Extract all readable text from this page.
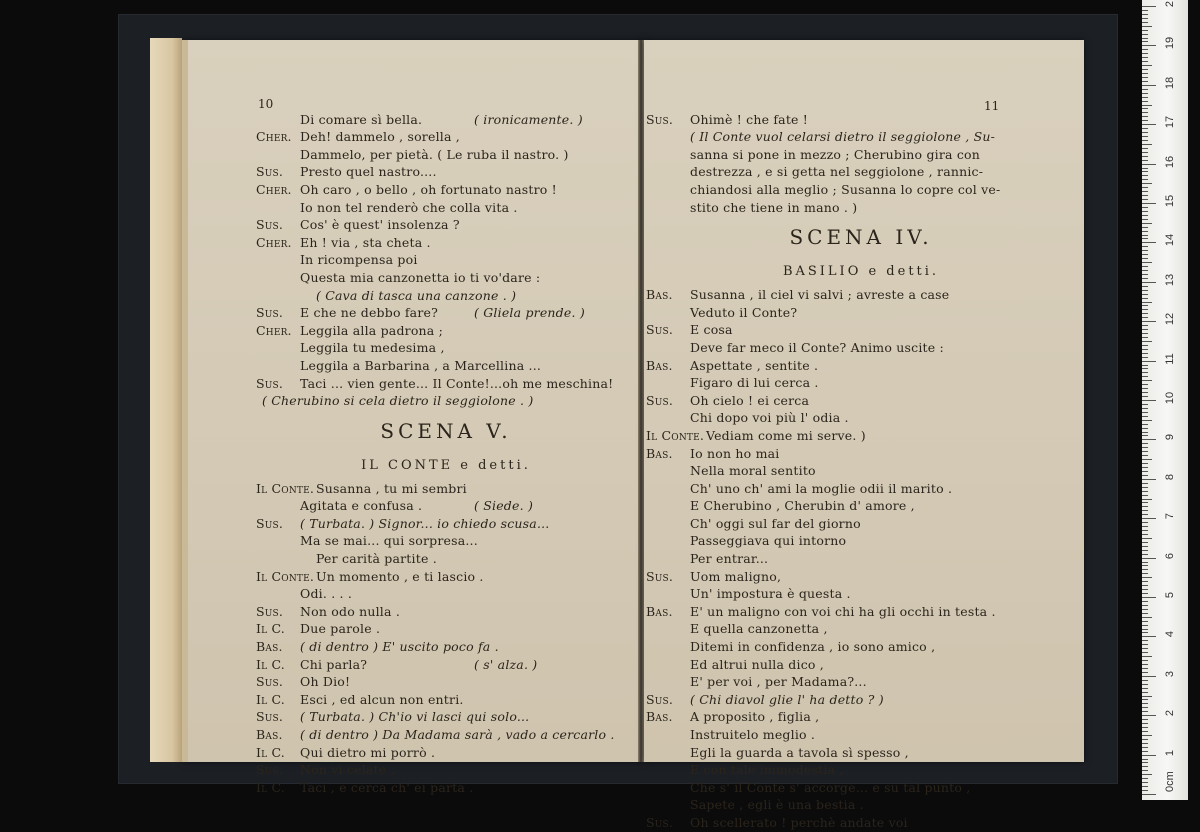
10	11
Di comare sì bella.	( ironicamente. )
Cher. Deh! dammelo , sorella ,
Dammelo, per pietà. ( Le ruba il nastro. )
Sus. Presto quel nastro....
Cher. Oh caro , o bello , oh fortunato nastro !
Io non tel renderò che colla vita .
Sus. Cos' è quest' insolenza ?
Cher. Eh ! via , sta cheta .
In ricompensa poi
Questa mia canzonetta io ti vo'dare :
( Cava di tasca una canzone . )
Sus. E che ne debbo fare?	( Gliela prende. )
Cher. Leggila alla padrona ;
Leggila tu medesima ,
Leggila a Barbarina , a Marcellina ...
Sus. Taci ... vien gente... Il Conte!...oh me meschina!
( Cherubino si cela dietro il seggiolone . )
SCENA V.
IL CONTE e detti.
Il Conte. Susanna , tu mi sembri
Agitata e confusa .	( Siede. )
Sus. ( Turbata. ) Signor... io chiedo scusa...
Ma se mai... qui sorpresa...
Per carità partite .
Il Conte. Un momento , e ti lascio .
Odi. . . .
Sus. Non odo nulla .
Il C. Due parole .
Bas. ( di dentro ) E' uscito poco fa .
Il C. Chi parla?	( s' alza. )
Sus. Oh Dio!
Il C. Esci , ed alcun non entri.
Sus. ( Turbata. ) Ch'io vi lasci qui solo...
Bas. ( di dentro ) Da Madama sarà , vado a cercarlo .
Il C. Qui dietro mi porrò .
Sus. Non vi celate .
Il C. Taci , e cerca ch' ei parta .
Sus. Ohimè ! che fate !
( Il Conte vuol celarsi dietro il seggiolone , Su-
sanna si pone in mezzo ; Cherubino gira con
destrezza , e si getta nel seggiolone , rannic-
chiandosi alla meglio ; Susanna lo copre col ve-
stito che tiene in mano . )
SCENA IV.
BASILIO e detti.
Bas. Susanna , il ciel vi salvi ; avreste a case
Veduto il Conte?
Sus. E cosa
Deve far meco il Conte? Animo uscite :
Bas. Aspettate , sentite .
Figaro di lui cerca .
Sus. Oh cielo ! ei cerca
Chi dopo voi più l' odia .
Il Conte. Vediam come mi serve. )
Bas. Io non ho mai
Nella moral sentito
Ch' uno ch' ami la moglie odii il marito .
E Cherubino , Cherubin d' amore ,
Ch' oggi sul far del giorno
Passeggiava qui intorno
Per entrar...
Sus. Uom maligno,
Un' impostura è questa .
Bas. E' un maligno con voi chi ha gli occhi in testa .
E quella canzonetta ,
Ditemi in confidenza , io sono amico ,
Ed altrui nulla dico ,
E' per voi , per Madama?...
Sus. ( Chi diavol glie l' ha detto ? )
Bas. A proposito , figlia ,
Instruitelo meglio .
Egli la guarda a tavola sì spesso ,
E con tale immodestia ,
Che s' il Conte s' accorge... e su tal punto ,
Sapete , egli è una bestia .
Sus. Oh scellerato ! perchè andate voi
0cm
1
2
3
4
5
6
7
8
9
10
11
12
13
14
15
16
17
18
19
2
